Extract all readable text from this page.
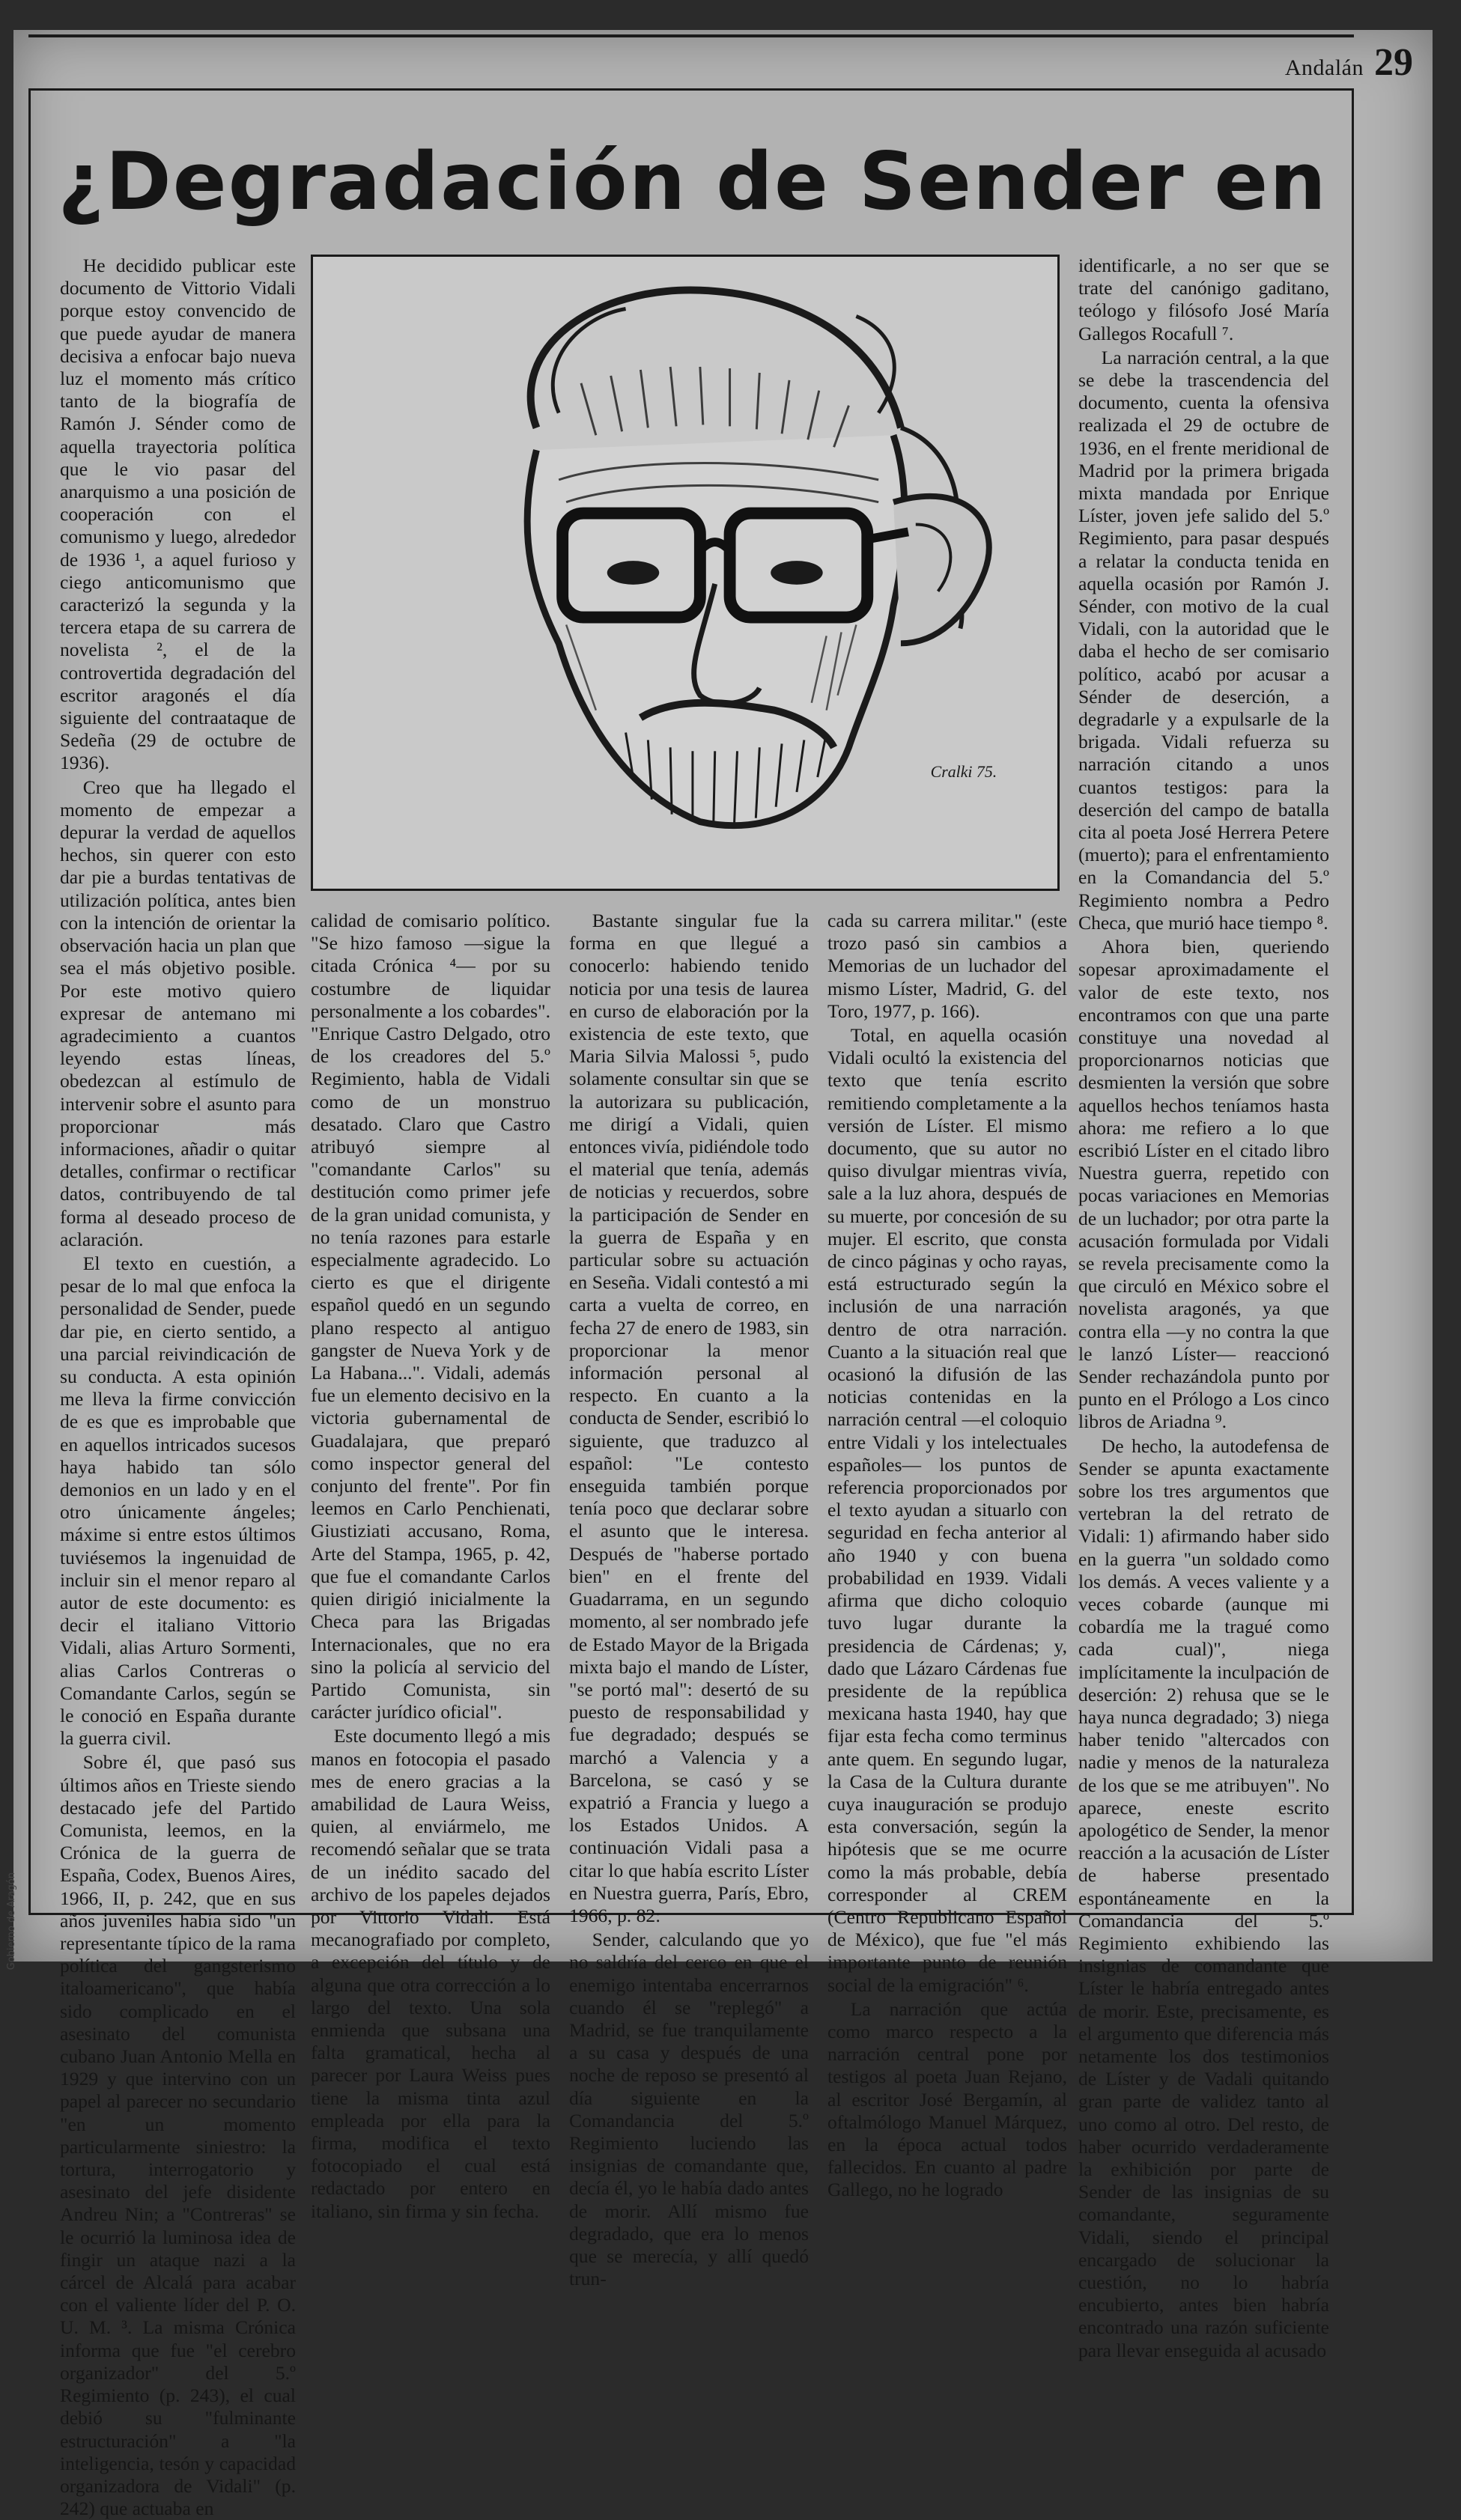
Andalán 29
¿Degradación de Sender en

He decidido publicar este documento de Vittorio Vidali porque estoy convencido de que puede ayudar de manera decisiva a enfocar bajo nueva luz el momento más crítico tanto de la biografía de Ramón J. Sénder como de aquella trayectoria política que le vio pasar del anarquismo a una posición de cooperación con el comunismo y luego, alrededor de 1936 ¹, a aquel furioso y ciego anticomunismo que caracterizó la segunda y la tercera etapa de su carrera de novelista ², el de la controvertida degradación del escritor aragonés el día siguiente del contraataque de Sedeña (29 de octubre de 1936).

Creo que ha llegado el momento de empezar a depurar la verdad de aquellos hechos, sin querer con esto dar pie a burdas tentativas de utilización política, antes bien con la intención de orientar la observación hacia un plan que sea el más objetivo posible. Por este motivo quiero expresar de antemano mi agradecimiento a cuantos leyendo estas líneas, obedezcan al estímulo de intervenir sobre el asunto para proporcionar más informaciones, añadir o quitar detalles, confirmar o rectificar datos, contribuyendo de tal forma al deseado proceso de aclaración.

El texto en cuestión, a pesar de lo mal que enfoca la personalidad de Sender, puede dar pie, en cierto sentido, a una parcial reivindicación de su conducta. A esta opinión me lleva la firme convicción de es que es improbable que en aquellos intricados sucesos haya habido tan sólo demonios en un lado y en el otro únicamente ángeles; máxime si entre estos últimos tuviésemos la ingenuidad de incluir sin el menor reparo al autor de este documento: es decir el italiano Vittorio Vidali, alias Arturo Sormenti, alias Carlos Contreras o Comandante Carlos, según se le conoció en España durante la guerra civil.

Sobre él, que pasó sus últimos años en Trieste siendo destacado jefe del Partido Comunista, leemos, en la Crónica de la guerra de España, Codex, Buenos Aires, 1966, II, p. 242, que en sus años juveniles había sido "un representante típico de la rama política del gangsterismo italoamericano", que había sido complicado en el asesinato del comunista cubano Juan Antonio Mella en 1929 y que intervino con un papel al parecer no secundario "en un momento particularmente siniestro: la tortura, interrogatorio y asesinato del jefe disidente Andreu Nin; a "Contreras" se le ocurrió la luminosa idea de fingir un ataque nazi a la cárcel de Alcalá para acabar con el valiente líder del P. O. U. M. ³. La misma Crónica informa que fue "el cerebro organizador" del 5.º Regimiento (p. 243), el cual debió su "fulminante estructuración" a "la inteligencia, tesón y capacidad organizadora de Vidali" (p. 242) que actuaba en

Cralki 75.

calidad de comisario político. "Se hizo famoso —sigue la citada Crónica ⁴— por su costumbre de liquidar personalmente a los cobardes". "Enrique Castro Delgado, otro de los creadores del 5.º Regimiento, habla de Vidali como de un monstruo desatado. Claro que Castro atribuyó siempre al "comandante Carlos" su destitución como primer jefe de la gran unidad comunista, y no tenía razones para estarle especialmente agradecido. Lo cierto es que el dirigente español quedó en un segundo plano respecto al antiguo gangster de Nueva York y de La Habana...". Vidali, además fue un elemento decisivo en la victoria gubernamental de Guadalajara, que preparó como inspector general del conjunto del frente". Por fin leemos en Carlo Penchienati, Giustiziati accusano, Roma, Arte del Stampa, 1965, p. 42, que fue el comandante Carlos quien dirigió inicialmente la Checa para las Brigadas Internacionales, que no era sino la policía al servicio del Partido Comunista, sin carácter jurídico oficial".

Este documento llegó a mis manos en fotocopia el pasado mes de enero gracias a la amabilidad de Laura Weiss, quien, al enviármelo, me recomendó señalar que se trata de un inédito sacado del archivo de los papeles dejados por Vittorio Vidali. Está mecanografiado por completo, a excepción del título y de alguna que otra corrección a lo largo del texto. Una sola enmienda que subsana una falta gramatical, hecha al parecer por Laura Weiss pues tiene la misma tinta azul empleada por ella para la firma, modifica el texto fotocopiado el cual está redactado por entero en italiano, sin firma y sin fecha.

Bastante singular fue la forma en que llegué a conocerlo: habiendo tenido noticia por una tesis de laurea en curso de elaboración por la existencia de este texto, que Maria Silvia Malossi ⁵, pudo solamente consultar sin que se la autorizara su publicación, me dirigí a Vidali, quien entonces vivía, pidiéndole todo el material que tenía, además de noticias y recuerdos, sobre la participación de Sender en la guerra de España y en particular sobre su actuación en Seseña. Vidali contestó a mi carta a vuelta de correo, en fecha 27 de enero de 1983, sin proporcionar la menor información personal al respecto. En cuanto a la conducta de Sender, escribió lo siguiente, que traduzco al español: "Le contesto enseguida también porque tenía poco que declarar sobre el asunto que le interesa. Después de "haberse portado bien" en el frente del Guadarrama, en un segundo momento, al ser nombrado jefe de Estado Mayor de la Brigada mixta bajo el mando de Líster, "se portó mal": desertó de su puesto de responsabilidad y fue degradado; después se marchó a Valencia y a Barcelona, se casó y se expatrió a Francia y luego a los Estados Unidos. A continuación Vidali pasa a citar lo que había escrito Líster en Nuestra guerra, París, Ebro, 1966, p. 82:

Sender, calculando que yo no saldría del cerco en que el enemigo intentaba encerrarnos cuando él se "replegó" a Madrid, se fue tranquilamente a su casa y después de una noche de reposo se presentó al día siguiente en la Comandancia del 5.º Regimiento luciendo las insignias de comandante que, decía él, yo le había dado antes de morir. Allí mismo fue degradado, que era lo menos que se merecía, y allí quedó trun-

cada su carrera militar." (este trozo pasó sin cambios a Memorias de un luchador del mismo Líster, Madrid, G. del Toro, 1977, p. 166).

Total, en aquella ocasión Vidali ocultó la existencia del texto que tenía escrito remitiendo completamente a la versión de Líster. El mismo documento, que su autor no quiso divulgar mientras vivía, sale a la luz ahora, después de su muerte, por concesión de su mujer. El escrito, que consta de cinco páginas y ocho rayas, está estructurado según la inclusión de una narración dentro de otra narración. Cuanto a la situación real que ocasionó la difusión de las noticias contenidas en la narración central —el coloquio entre Vidali y los intelectuales españoles— los puntos de referencia proporcionados por el texto ayudan a situarlo con seguridad en fecha anterior al año 1940 y con buena probabilidad en 1939. Vidali afirma que dicho coloquio tuvo lugar durante la presidencia de Cárdenas; y, dado que Lázaro Cárdenas fue presidente de la república mexicana hasta 1940, hay que fijar esta fecha como terminus ante quem. En segundo lugar, la Casa de la Cultura durante cuya inauguración se produjo esta conversación, según la hipótesis que se me ocurre como la más probable, debía corresponder al CREM (Centro Republicano Español de México), que fue "el más importante punto de reunión social de la emigración" ⁶.

La narración que actúa como marco respecto a la narración central pone por testigos al poeta Juan Rejano, al escritor José Bergamín, al oftalmólogo Manuel Márquez, en la época actual todos fallecidos. En cuanto al padre Gallego, no he logrado

identificarle, a no ser que se trate del canónigo gaditano, teólogo y filósofo José María Gallegos Rocafull ⁷.

La narración central, a la que se debe la trascendencia del documento, cuenta la ofensiva realizada el 29 de octubre de 1936, en el frente meridional de Madrid por la primera brigada mixta mandada por Enrique Líster, joven jefe salido del 5.º Regimiento, para pasar después a relatar la conducta tenida en aquella ocasión por Ramón J. Sénder, con motivo de la cual Vidali, con la autoridad que le daba el hecho de ser comisario político, acabó por acusar a Sénder de deserción, a degradarle y a expulsarle de la brigada. Vidali refuerza su narración citando a unos cuantos testigos: para la deserción del campo de batalla cita al poeta José Herrera Petere (muerto); para el enfrentamiento en la Comandancia del 5.º Regimiento nombra a Pedro Checa, que murió hace tiempo ⁸.

Ahora bien, queriendo sopesar aproximadamente el valor de este texto, nos encontramos con que una parte constituye una novedad al proporcionarnos noticias que desmienten la versión que sobre aquellos hechos teníamos hasta ahora: me refiero a lo que escribió Líster en el citado libro Nuestra guerra, repetido con pocas variaciones en Memorias de un luchador; por otra parte la acusación formulada por Vidali se revela precisamente como la que circuló en México sobre el novelista aragonés, ya que contra ella —y no contra la que le lanzó Líster— reaccionó Sender rechazándola punto por punto en el Prólogo a Los cinco libros de Ariadna ⁹.

De hecho, la autodefensa de Sender se apunta exactamente sobre los tres argumentos que vertebran la del retrato de Vidali: 1) afirmando haber sido en la guerra "un soldado como los demás. A veces valiente y a veces cobarde (aunque mi cobardía me la tragué como cada cual)", niega implícitamente la inculpación de deserción: 2) rehusa que se le haya nunca degradado; 3) niega haber tenido "altercados con nadie y menos de la naturaleza de los que se me atribuyen". No aparece, eneste escrito apologético de Sender, la menor reacción a la acusación de Líster de haberse presentado espontáneamente en la Comandancia del 5.º Regimiento exhibiendo las insignias de comandante que Líster le habría entregado antes de morir. Este, precisamente, es el argumento que diferencia más netamente los dos testimonios de Líster y de Vadali quitando gran parte de validez tanto al uno como al otro. Del resto, de haber ocurrido verdaderamente la exhibición por parte de Sender de las insignias de su comandante, seguramente Vidali, siendo el principal encargado de solucionar la cuestión, no lo habría encubierto, antes bien habría encontrado una razón suficiente para llevar enseguida al acusado

Gobierno de Aragón
